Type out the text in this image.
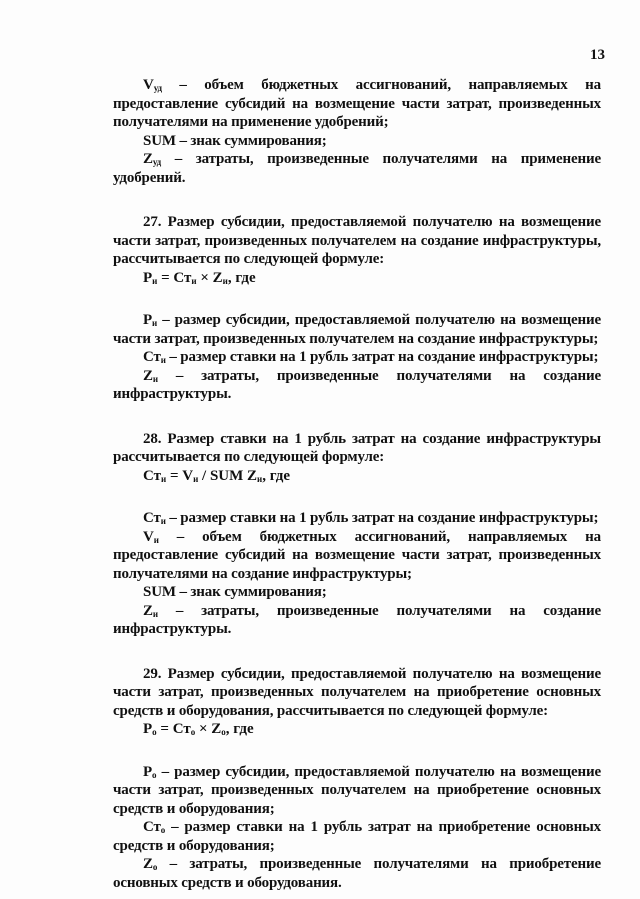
13

$V_{уд}$ – объем бюджетных ассигнований, направляемых на предоставление субсидий на возмещение части затрат, произведенных получателями на применение удобрений;

SUM – знак суммирования;

$Z_{уд}$ – затраты, произведенные получателями на применение удобрений.

27. Размер субсидии, предоставляемой получателю на возмещение части затрат, произведенных получателем на создание инфраструктуры, рассчитывается по следующей формуле:

$P_и = Ст_и \times Z_и$, где

$P_и$ – размер субсидии, предоставляемой получателю на возмещение части затрат, произведенных получателем на создание инфраструктуры;

$Ст_и$ – размер ставки на 1 рубль затрат на создание инфраструктуры;

$Z_и$ – затраты, произведенные получателями на создание инфраструктуры.

28. Размер ставки на 1 рубль затрат на создание инфраструктуры рассчитывается по следующей формуле:

$Ст_и = V_и$ / SUM $Z_и$, где

$Ст_и$ – размер ставки на 1 рубль затрат на создание инфраструктуры;

$V_и$ – объем бюджетных ассигнований, направляемых на предоставление субсидий на возмещение части затрат, произведенных получателями на создание инфраструктуры;

SUM – знак суммирования;

$Z_и$ – затраты, произведенные получателями на создание инфраструктуры.

29. Размер субсидии, предоставляемой получателю на возмещение части затрат, произведенных получателем на приобретение основных средств и оборудования, рассчитывается по следующей формуле:

$P_о = Ст_о \times Z_о$, где

$P_о$ – размер субсидии, предоставляемой получателю на возмещение части затрат, произведенных получателем на приобретение основных средств и оборудования;

$Ст_о$ – размер ставки на 1 рубль затрат на приобретение основных средств и оборудования;

$Z_о$ – затраты, произведенные получателями на приобретение основных средств и оборудования.
